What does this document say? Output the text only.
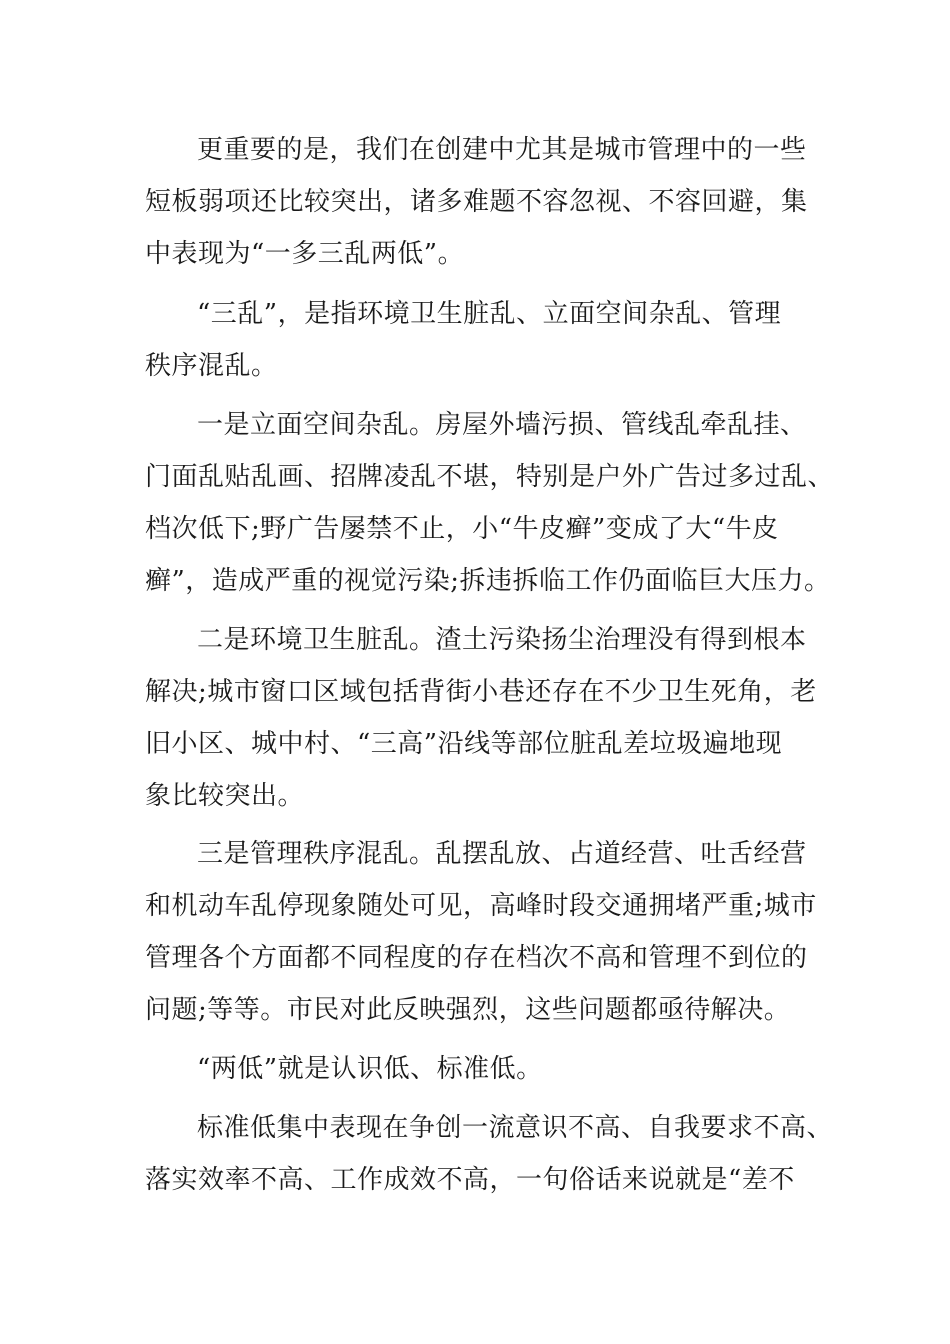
更重要的是，我们在创建中尤其是城市管理中的一些
短板弱项还比较突出，诸多难题不容忽视、不容回避，集
中表现为“一多三乱两低”。
“三乱”，是指环境卫生脏乱、立面空间杂乱、管理
秩序混乱。
一是立面空间杂乱。房屋外墙污损、管线乱牵乱挂、
门面乱贴乱画、招牌凌乱不堪，特别是户外广告过多过乱、
档次低下;野广告屡禁不止，小“牛皮癣”变成了大“牛皮
癣”，造成严重的视觉污染;拆违拆临工作仍面临巨大压力。
二是环境卫生脏乱。渣土污染扬尘治理没有得到根本
解决;城市窗口区域包括背街小巷还存在不少卫生死角，老
旧小区、城中村、“三高”沿线等部位脏乱差垃圾遍地现
象比较突出。
三是管理秩序混乱。乱摆乱放、占道经营、吐舌经营
和机动车乱停现象随处可见，高峰时段交通拥堵严重;城市
管理各个方面都不同程度的存在档次不高和管理不到位的
问题;等等。市民对此反映强烈，这些问题都亟待解决。
“两低”就是认识低、标准低。
标准低集中表现在争创一流意识不高、自我要求不高、
落实效率不高、工作成效不高，一句俗话来说就是“差不
